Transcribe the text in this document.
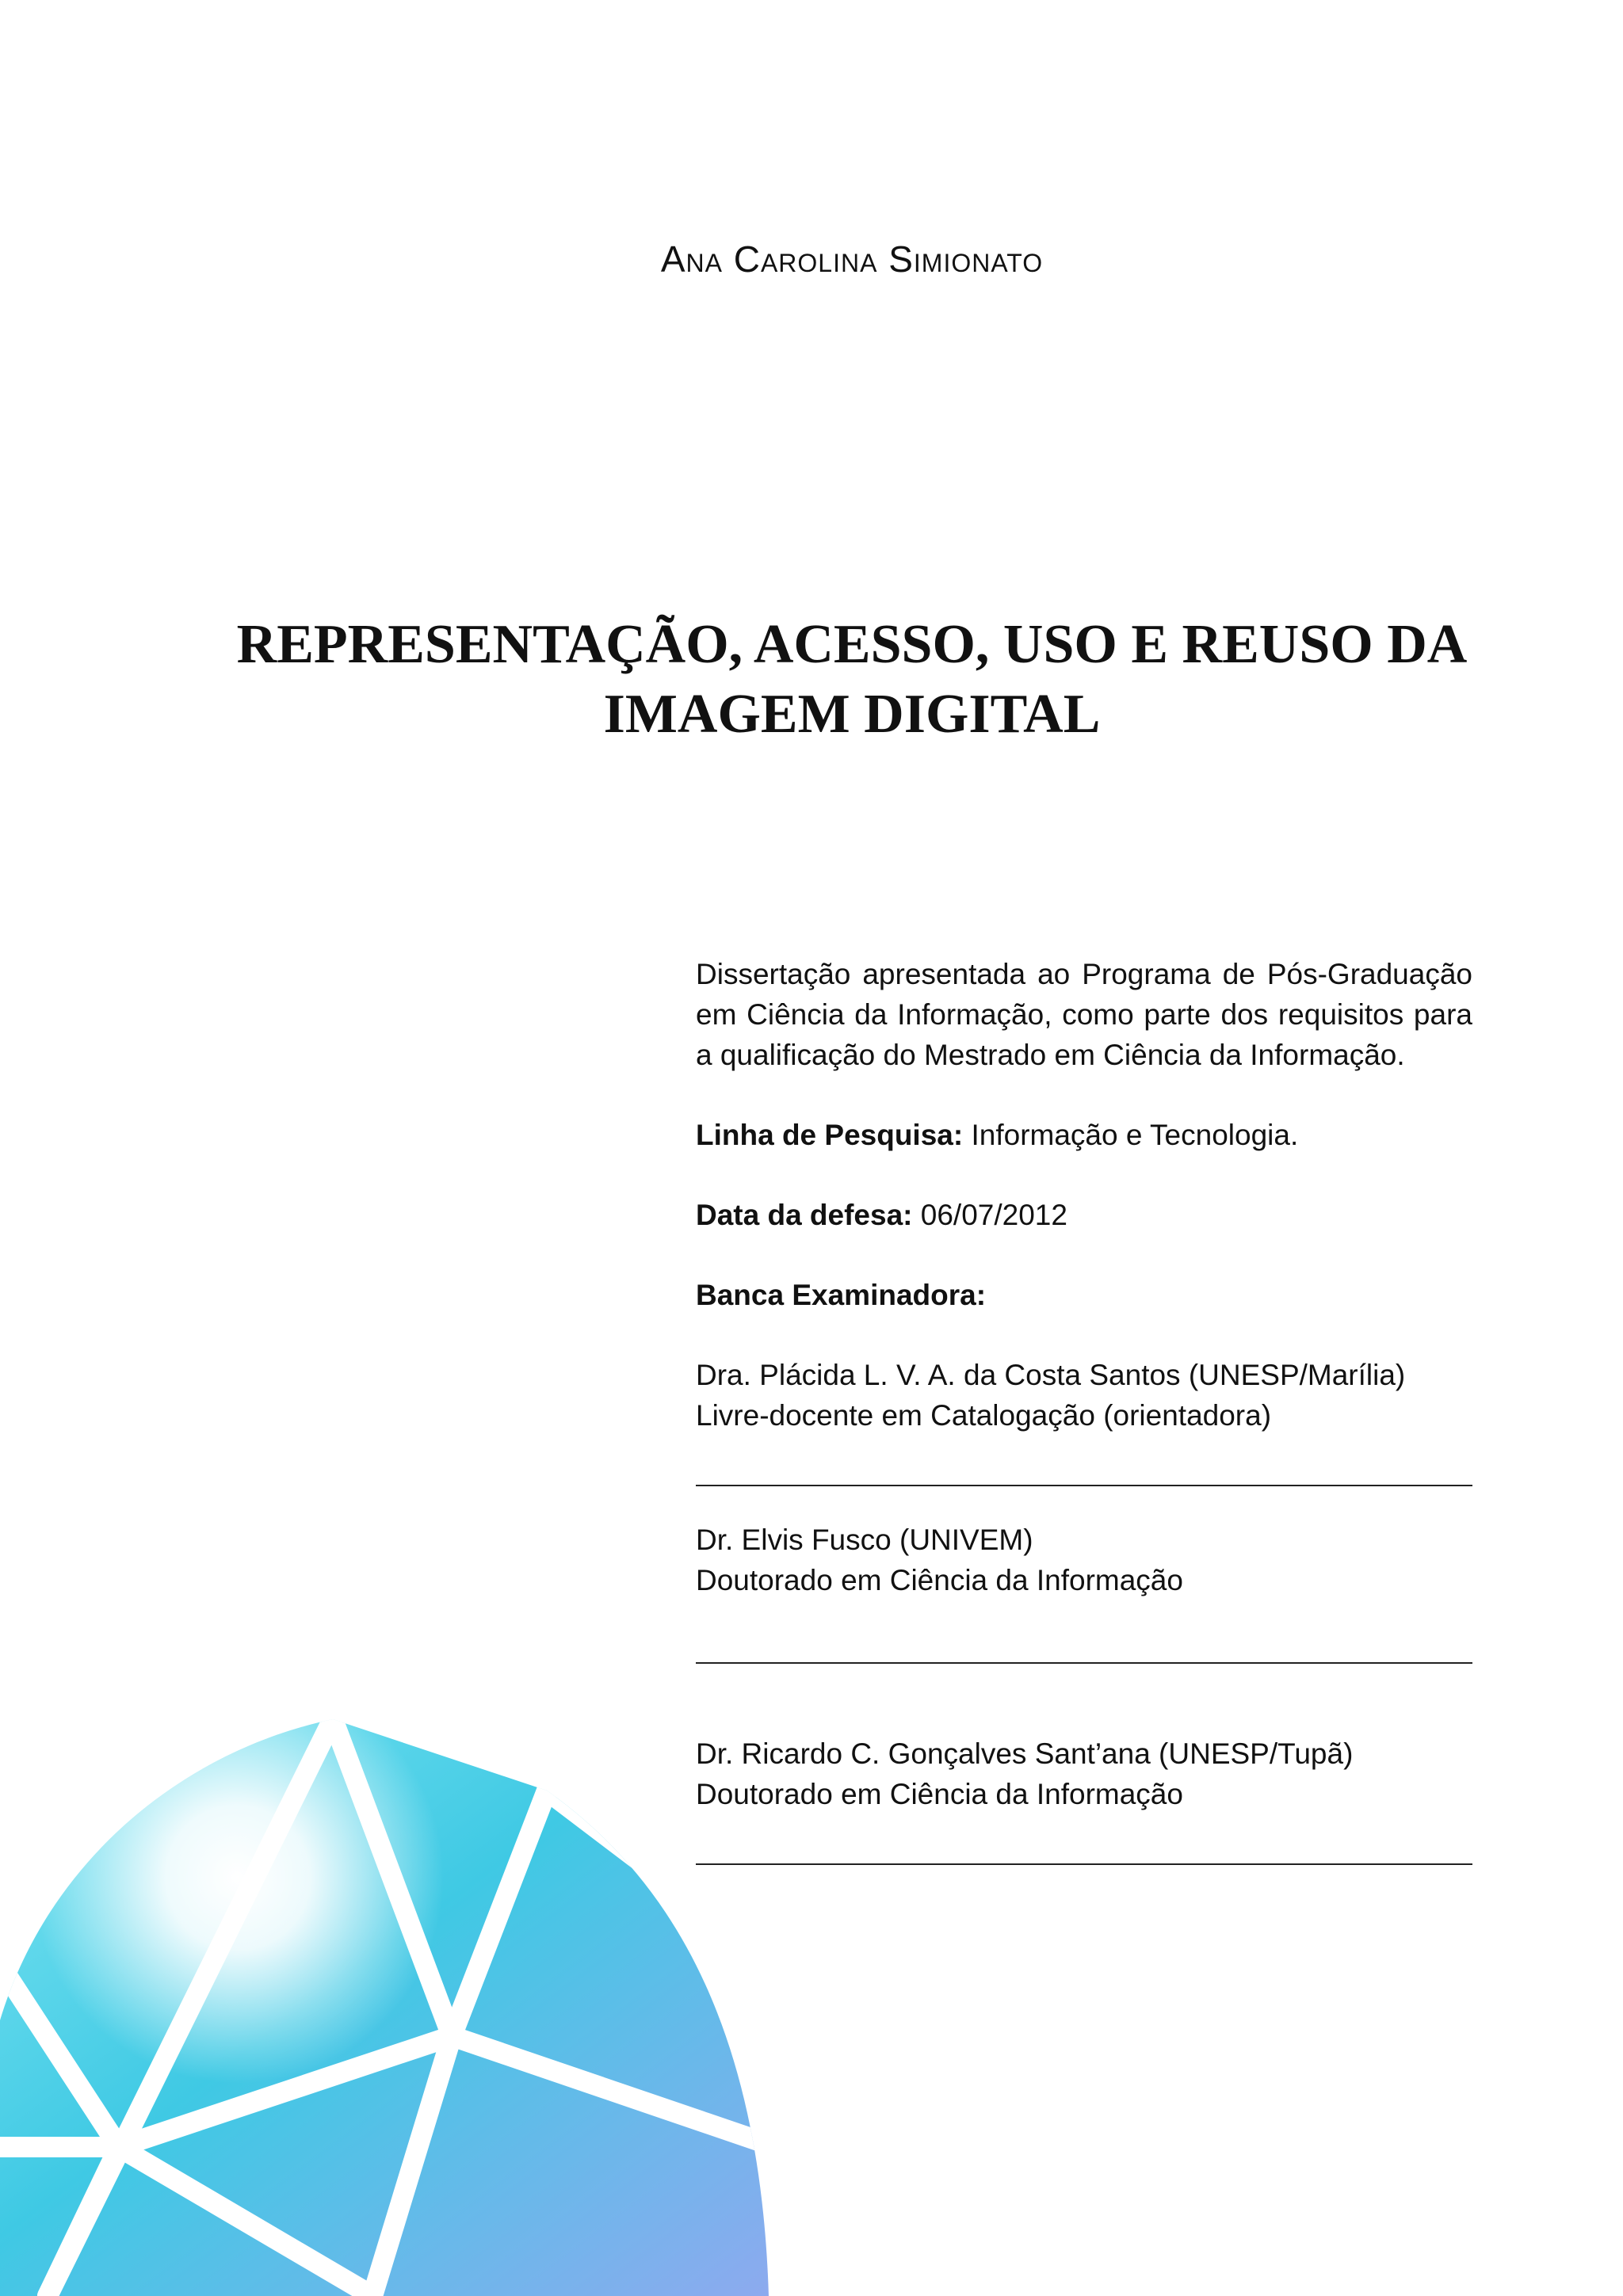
Ana Carolina Simionato
REPRESENTAÇÃO, ACESSO, USO E REUSO DA
IMAGEM DIGITAL

Dissertação apresentada ao Programa de Pós-Graduação em Ciência da Informação, como parte dos requisitos para a qualificação do Mestrado em Ciência da Informação.

Linha de Pesquisa: Informação e Tecnologia.

Data da defesa: 06/07/2012

Banca Examinadora:

Dra. Plácida L. V. A. da Costa Santos (UNESP/Marília)

Livre-docente em Catalogação (orientadora)

Dr. Elvis Fusco (UNIVEM)

Doutorado em Ciência da Informação

Dr. Ricardo C. Gonçalves Sant’ana (UNESP/Tupã)

Doutorado em Ciência da Informação
